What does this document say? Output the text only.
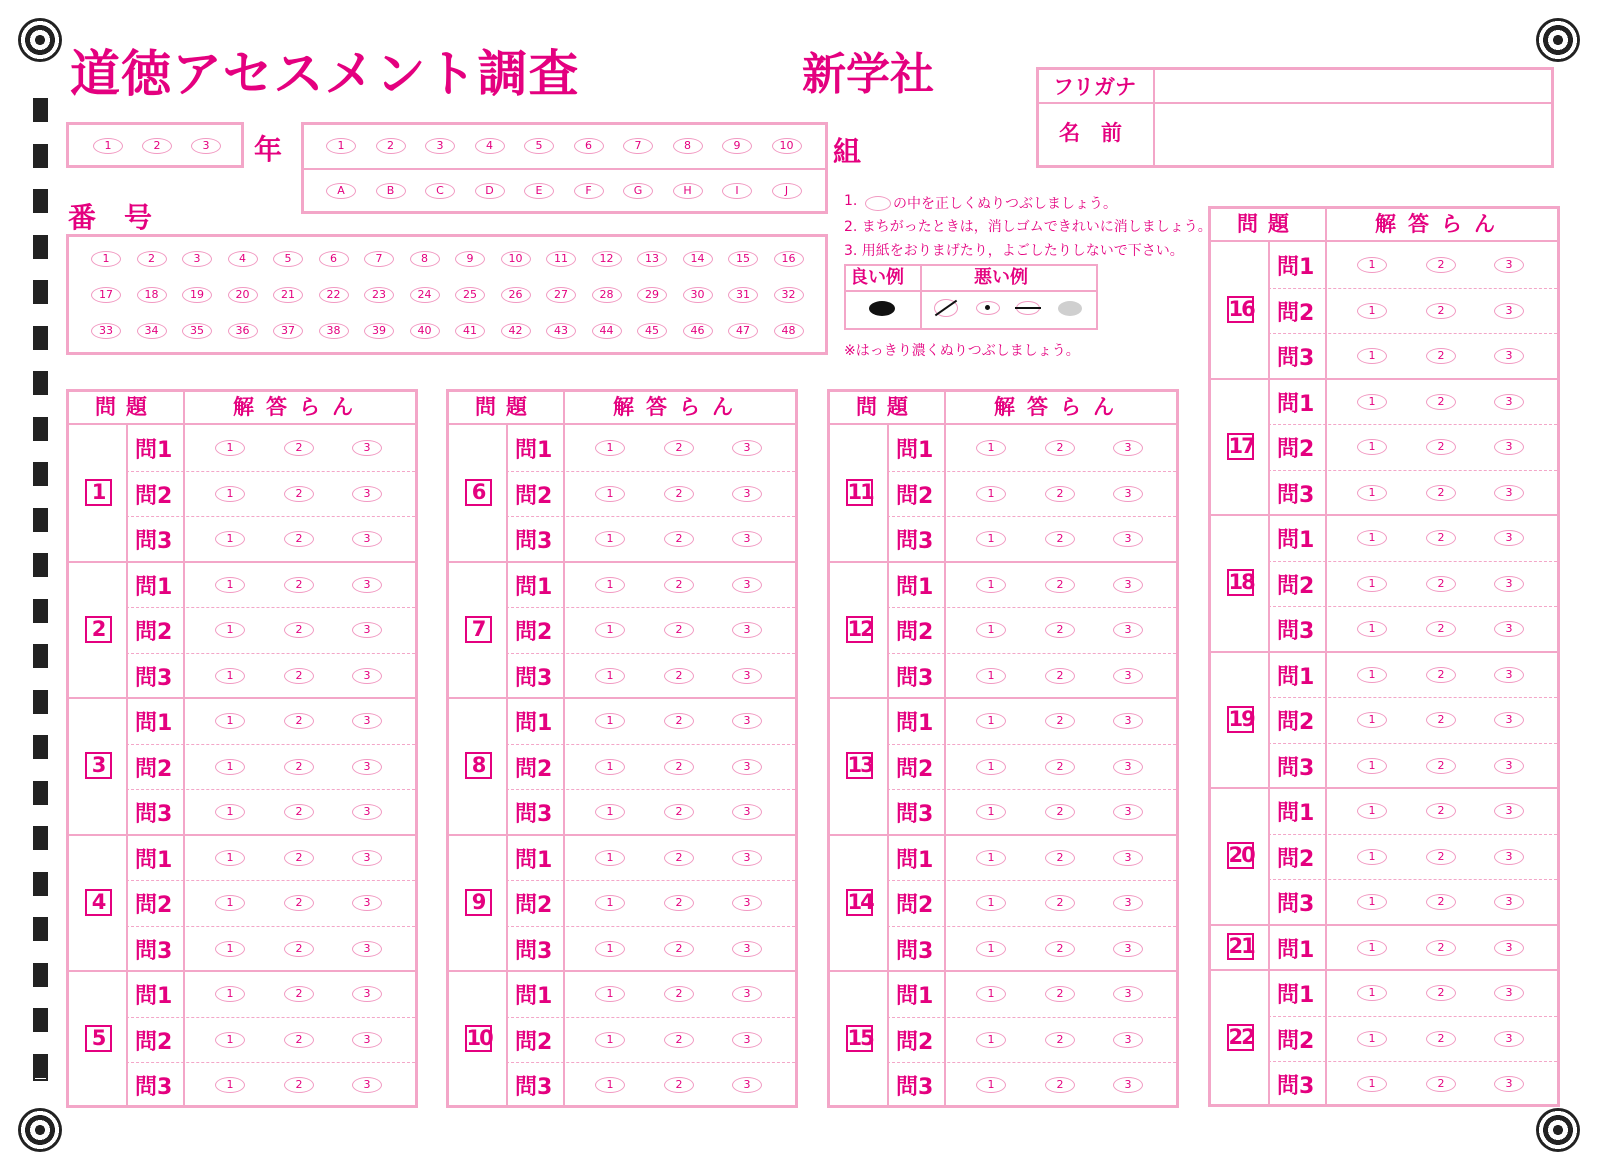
道徳アセスメント調査	新学社	フリガナ
名　前
1	2	3	年	1	2	3	4	5	6	7	8	9	10
A	B	C	D	E	F	G	H	I	J
組
番　号
1	2	3	4	5	6	7	8	9	10	11	12	13	14	15	16
17	18	19	20	21	22	23	24	25	26	27	28	29	30	31	32
33	34	35	36	37	38	39	40	41	42	43	44	45	46	47	48
1.	の中を正しくぬりつぶしましょう。
2. まちがったときは，消しゴムできれいに消しましょう。
3. 用紙をおりまげたり，よごしたりしないで下さい。
良い例	悪い例
※はっきり濃くぬりつぶしましょう。
問題	解答らん
1
問1	1	2	3
問2	1	2	3
問3	1	2	3
2
問1	1	2	3
問2	1	2	3
問3	1	2	3
3
問1	1	2	3
問2	1	2	3
問3	1	2	3
4
問1	1	2	3
問2	1	2	3
問3	1	2	3
5
問1	1	2	3
問2	1	2	3
問3	1	2	3
問題	解答らん
6
問1	1	2	3
問2	1	2	3
問3	1	2	3
7
問1	1	2	3
問2	1	2	3
問3	1	2	3
8
問1	1	2	3
問2	1	2	3
問3	1	2	3
9
問1	1	2	3
問2	1	2	3
問3	1	2	3
10
問1	1	2	3
問2	1	2	3
問3	1	2	3
問題	解答らん
11
問1	1	2	3
問2	1	2	3
問3	1	2	3
12
問1	1	2	3
問2	1	2	3
問3	1	2	3
13
問1	1	2	3
問2	1	2	3
問3	1	2	3
14
問1	1	2	3
問2	1	2	3
問3	1	2	3
15
問1	1	2	3
問2	1	2	3
問3	1	2	3
問題	解答らん
16
問1	1	2	3
問2	1	2	3
問3	1	2	3
17
問1	1	2	3
問2	1	2	3
問3	1	2	3
18
問1	1	2	3
問2	1	2	3
問3	1	2	3
19
問1	1	2	3
問2	1	2	3
問3	1	2	3
20
問1	1	2	3
問2	1	2	3
問3	1	2	3
21 問1	1	2	3
22
問1	1	2	3
問2	1	2	3
問3	1	2	3
